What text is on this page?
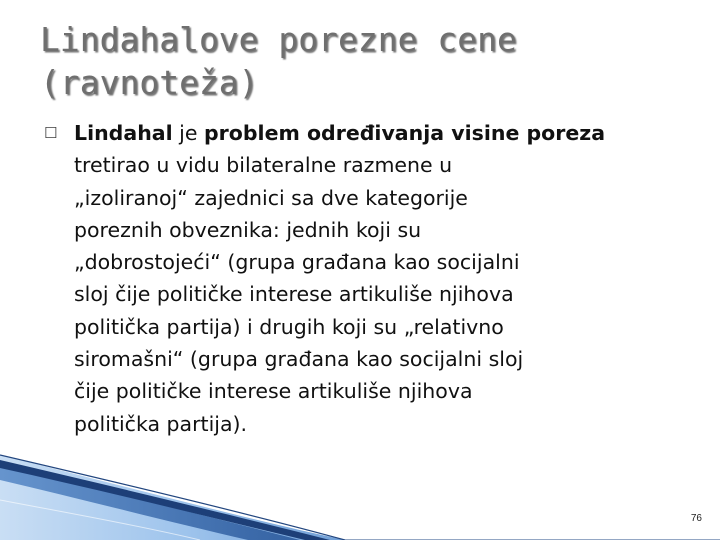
Lindahalove porezne cene
(ravnoteža)
☐ Lindahal je problem određivanja visine poreza
tretirao u vidu bilateralne razmene u
„izoliranoj“ zajednici sa dve kategorije
poreznih obveznika: jednih koji su
„dobrostojeći“ (grupa građana kao socijalni
sloj čije političke interese artikuliše njihova
politička partija) i drugih koji su „relativno
siromašni“ (grupa građana kao socijalni sloj
čije političke interese artikuliše njihova
politička partija).
76
